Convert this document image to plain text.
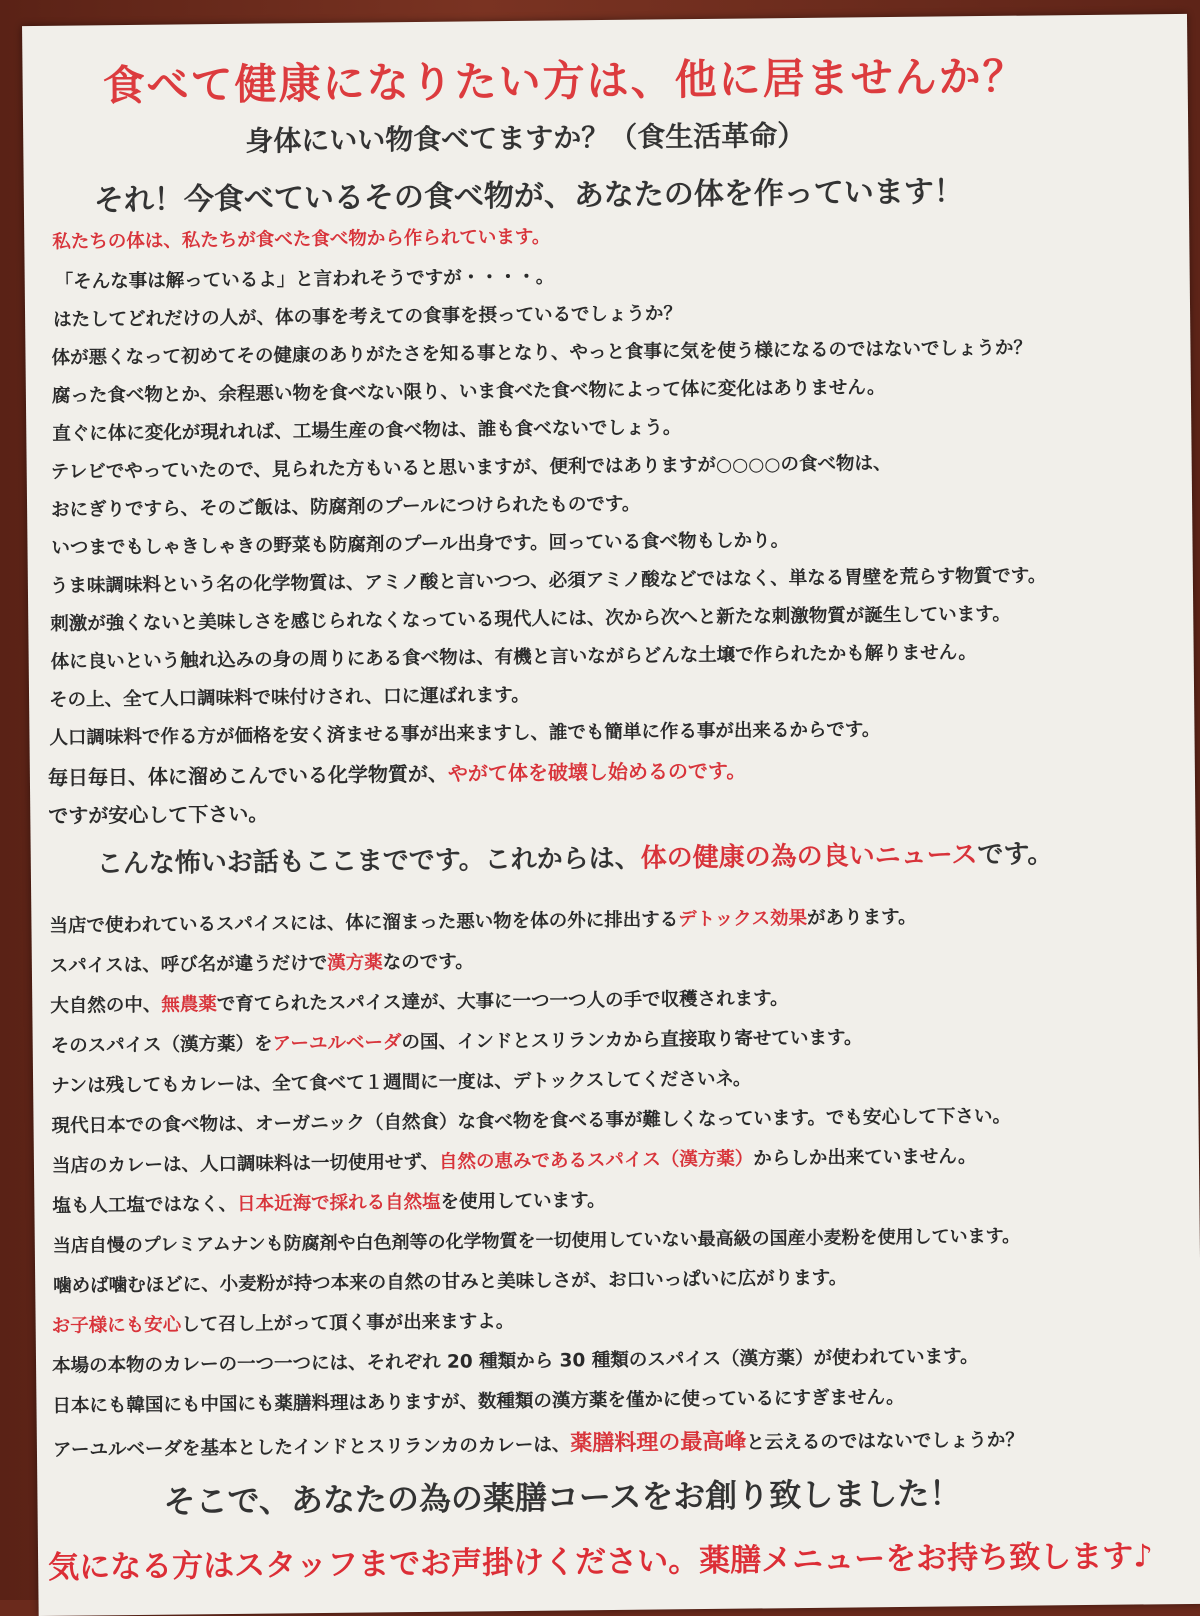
食べて健康になりたい方は、他に居ませんか？
身体にいい物食べてますか？（食生活革命）
それ！今食べているその食べ物が、あなたの体を作っています！
私たちの体は、私たちが食べた食べ物から作られています。
「そんな事は解っているよ」と言われそうですが・・・・。
はたしてどれだけの人が、体の事を考えての食事を摂っているでしょうか？
体が悪くなって初めてその健康のありがたさを知る事となり、やっと食事に気を使う様になるのではないでしょうか？
腐った食べ物とか、余程悪い物を食べない限り、いま食べた食べ物によって体に変化はありません。
直ぐに体に変化が現れれば、工場生産の食べ物は、誰も食べないでしょう。
テレビでやっていたので、見られた方もいると思いますが、便利ではありますが○○○○の食べ物は、
おにぎりですら、そのご飯は、防腐剤のプールにつけられたものです。
いつまでもしゃきしゃきの野菜も防腐剤のプール出身です。回っている食べ物もしかり。
うま味調味料という名の化学物質は、アミノ酸と言いつつ、必須アミノ酸などではなく、単なる胃壁を荒らす物質です。
刺激が強くないと美味しさを感じられなくなっている現代人には、次から次へと新たな刺激物質が誕生しています。
体に良いという触れ込みの身の周りにある食べ物は、有機と言いながらどんな土壌で作られたかも解りません。
その上、全て人口調味料で味付けされ、口に運ばれます。
人口調味料で作る方が価格を安く済ませる事が出来ますし、誰でも簡単に作る事が出来るからです。
毎日毎日、体に溜めこんでいる化学物質が、やがて体を破壊し始めるのです。
ですが安心して下さい。
こんな怖いお話もここまでです。これからは、体の健康の為の良いニュースです。
当店で使われているスパイスには、体に溜まった悪い物を体の外に排出するデトックス効果があります。
スパイスは、呼び名が違うだけで漢方薬なのです。
大自然の中、無農薬で育てられたスパイス達が、大事に一つ一つ人の手で収穫されます。
そのスパイス（漢方薬）をアーユルベーダの国、インドとスリランカから直接取り寄せています。
ナンは残してもカレーは、全て食べて１週間に一度は、デトックスしてくださいネ。
現代日本での食べ物は、オーガニック（自然食）な食べ物を食べる事が難しくなっています。でも安心して下さい。
当店のカレーは、人口調味料は一切使用せず、自然の恵みであるスパイス（漢方薬）からしか出来ていません。
塩も人工塩ではなく、日本近海で採れる自然塩を使用しています。
当店自慢のプレミアムナンも防腐剤や白色剤等の化学物質を一切使用していない最高級の国産小麦粉を使用しています。
噛めば噛むほどに、小麦粉が持つ本来の自然の甘みと美味しさが、お口いっぱいに広がります。
お子様にも安心して召し上がって頂く事が出来ますよ。
本場の本物のカレーの一つ一つには、それぞれ 20 種類から 30 種類のスパイス（漢方薬）が使われています。
日本にも韓国にも中国にも薬膳料理はありますが、数種類の漢方薬を僅かに使っているにすぎません。
アーユルベーダを基本としたインドとスリランカのカレーは、薬膳料理の最高峰と云えるのではないでしょうか？
そこで、あなたの為の薬膳コースをお創り致しました！
気になる方はスタッフまでお声掛けください。薬膳メニューをお持ち致します♪
